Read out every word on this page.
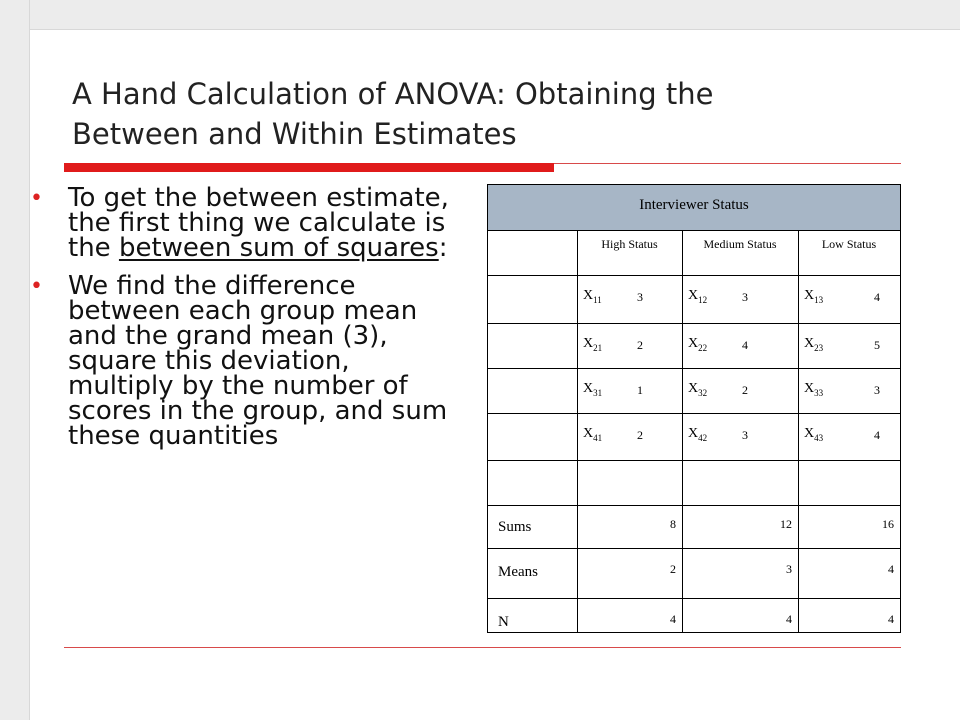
A Hand Calculation of ANOVA: Obtaining the
Between and Within Estimates
• To get the between estimate, the first thing we calculate is the between sum of squares:
• We find the difference between each group mean and the grand mean (3), square this deviation, multiply by the number of scores in the group, and sum these quantities
Interviewer Status
High Status	Medium Status	Low Status
$X_{11}$	3	$X_{12}$	3	$X_{13}$	4
$X_{21}$	2	$X_{22}$	4	$X_{23}$	5
$X_{31}$	1	$X_{32}$	2	$X_{33}$	3
$X_{41}$	2	$X_{42}$	3	$X_{43}$	4
Sums	8	12	16
Means	2	3	4
N	4	4	4
